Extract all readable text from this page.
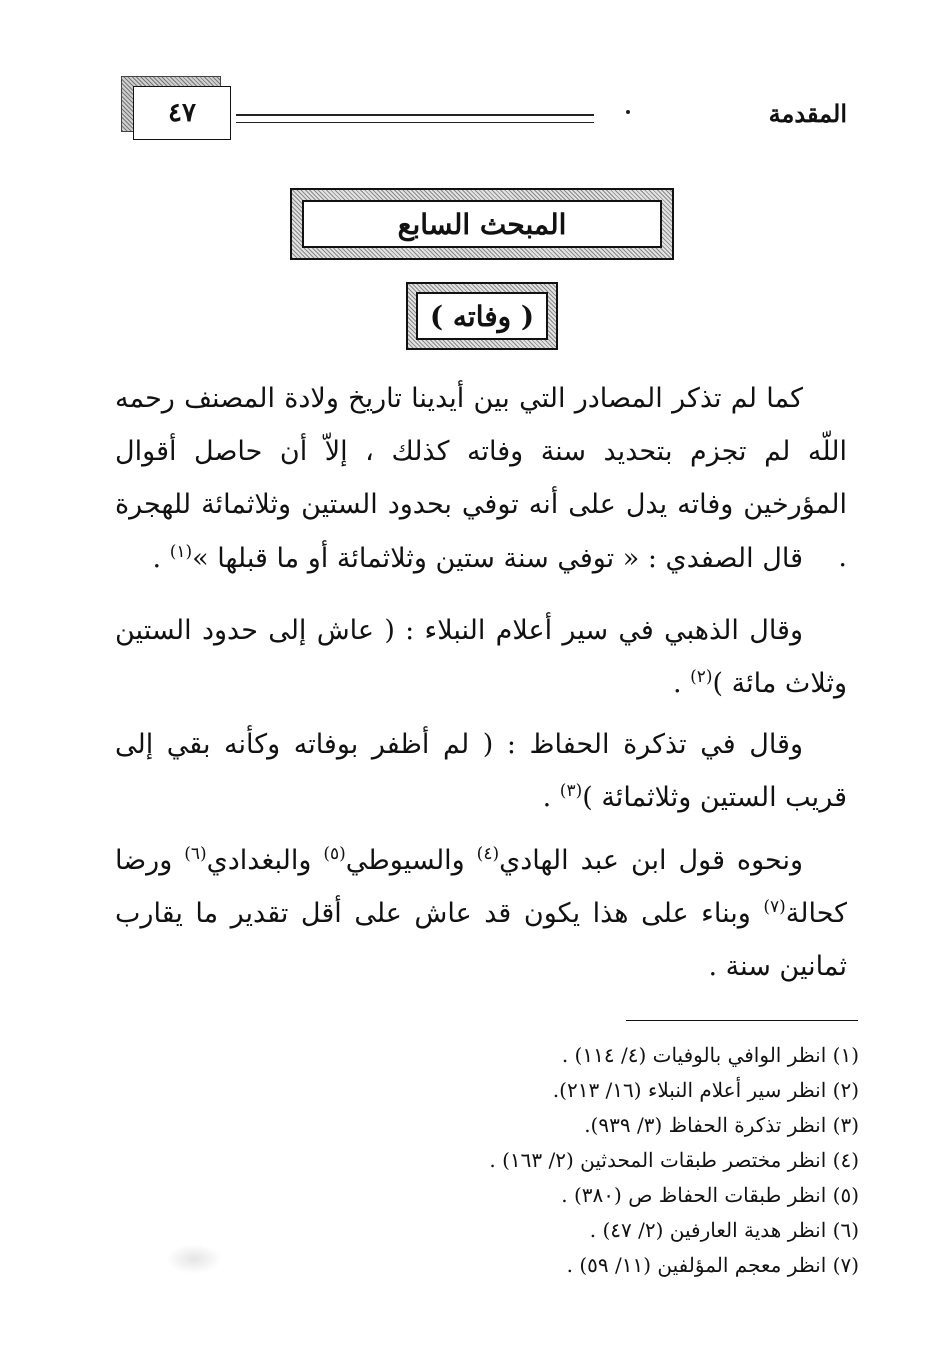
٤٧	المقدمة
المبحث السابع
( وفاته )

كما لم تذكر المصادر التي بين أيدينا تاريخ ولادة المصنف رحمه اللّه لم تجزم بتحديد سنة وفاته كذلك ، إلاّ أن حاصل أقوال المؤرخين وفاته يدل على أنه توفي بحدود الستين وثلاثمائة للهجرة .

قال الصفدي : « توفي سنة ستين وثلاثمائة أو ما قبلها »$^{(١)}$ .

وقال الذهبي في سير أعلام النبلاء : ( عاش إلى حدود الستين وثلاث مائة )$^{(٢)}$ .

وقال في تذكرة الحفاظ : ( لم أظفر بوفاته وكأنه بقي إلى قريب الستين وثلاثمائة )$^{(٣)}$ .

ونحوه قول ابن عبد الهادي$^{(٤)}$ والسيوطي$^{(٥)}$ والبغدادي$^{(٦)}$ ورضا كحالة$^{(٧)}$ وبناء على هذا يكون قد عاش على أقل تقدير ما يقارب ثمانين سنة .

(١) انظر الوافي بالوفيات (٤/ ١١٤) .
(٢) انظر سير أعلام النبلاء (١٦/ ٢١٣).
(٣) انظر تذكرة الحفاظ (٣/ ٩٣٩).
(٤) انظر مختصر طبقات المحدثين (٢/ ١٦٣) .
(٥) انظر طبقات الحفاظ ص (٣٨٠) .
(٦) انظر هدية العارفين (٢/ ٤٧) .
(٧) انظر معجم المؤلفين (١١/ ٥٩) .
